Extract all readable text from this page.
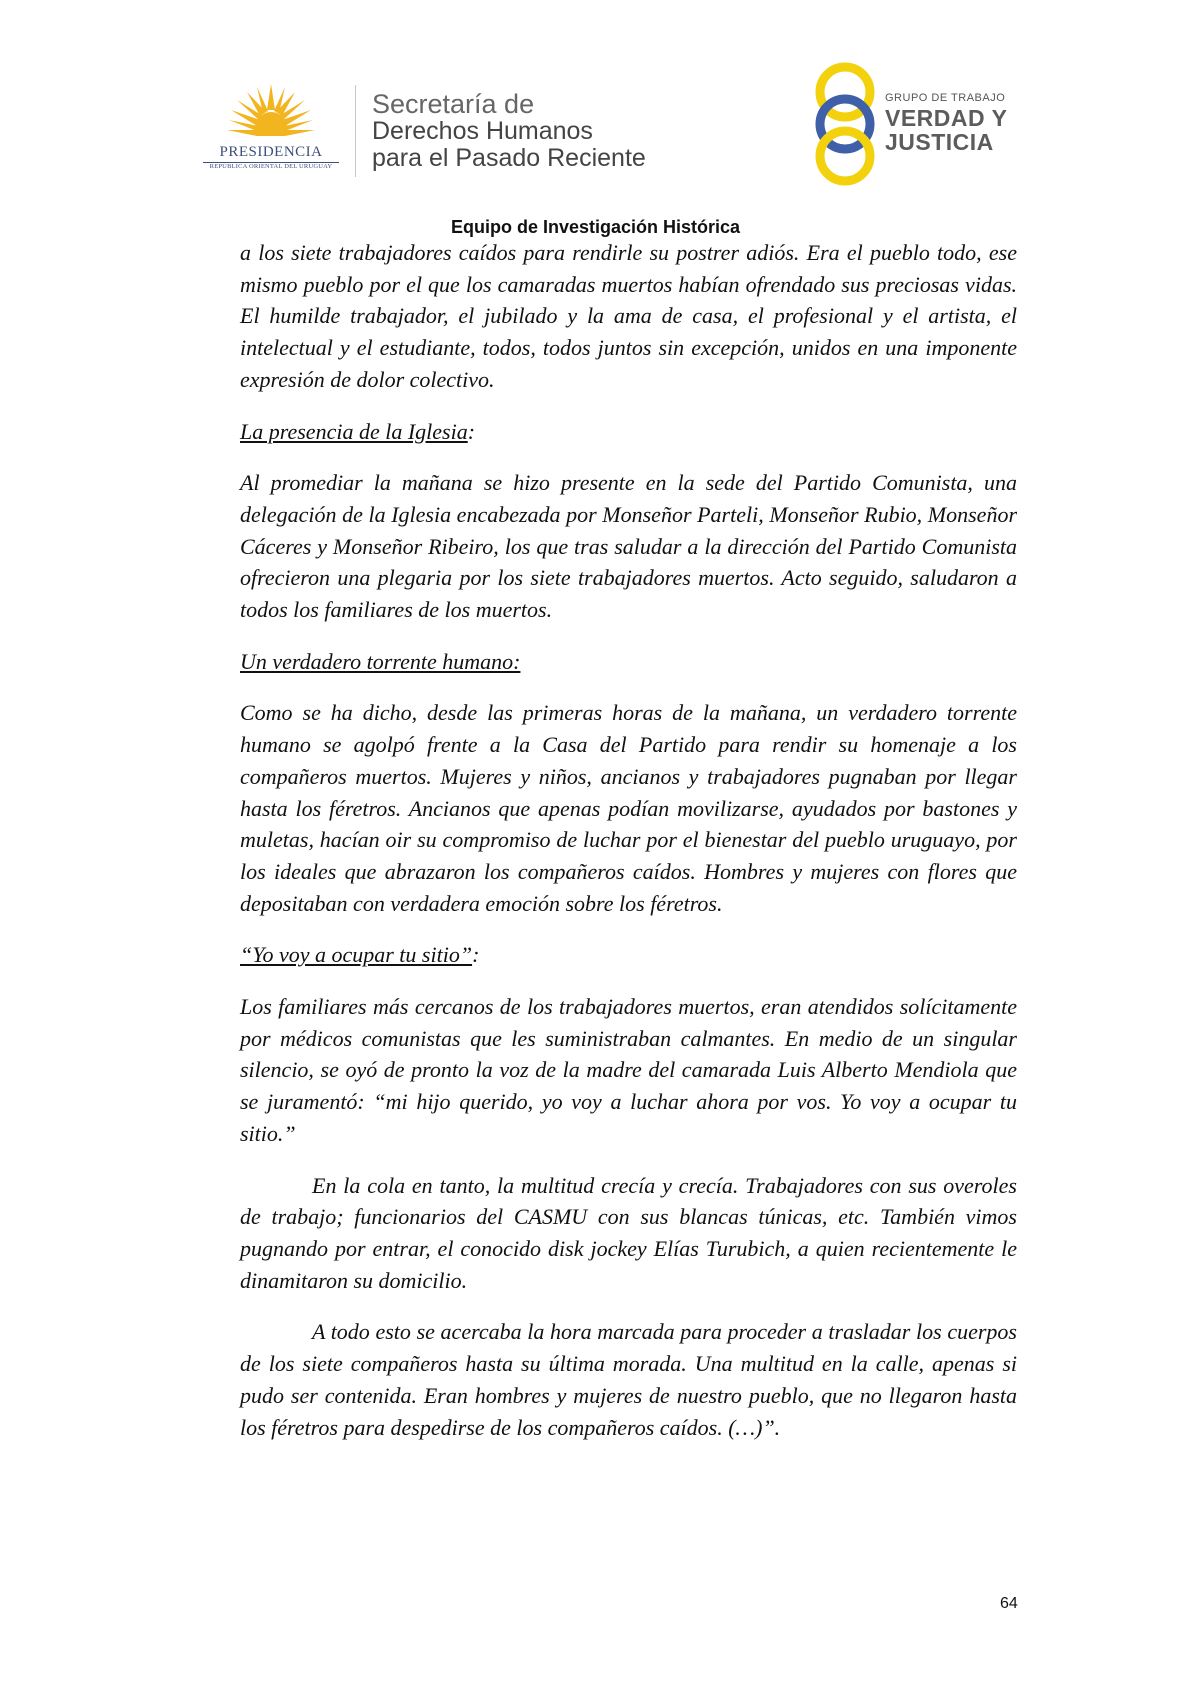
PRESIDENCIA
REPÚBLICA ORIENTAL DEL URUGUAY
Secretaría de
Derechos Humanos
para el Pasado Reciente
GRUPO DE TRABAJO
VERDAD Y
JUSTICIA
Equipo de Investigación Histórica

a los siete trabajadores caídos para rendirle su postrer adiós. Era el pueblo todo, ese mismo pueblo por el que los camaradas muertos habían ofrendado sus preciosas vidas. El humilde trabajador, el jubilado y la ama de casa, el profesional y el artista, el intelectual y el estudiante, todos, todos juntos sin excepción, unidos en una imponente expresión de dolor colectivo.

La presencia de la Iglesia:

Al promediar la mañana se hizo presente en la sede del Partido Comunista, una delegación de la Iglesia encabezada por Monseñor Parteli, Monseñor Rubio, Monseñor Cáceres y Monseñor Ribeiro, los que tras saludar a la dirección del Partido Comunista ofrecieron una plegaria por los siete trabajadores muertos. Acto seguido, saludaron a todos los familiares de los muertos.

Un verdadero torrente humano:

Como se ha dicho, desde las primeras horas de la mañana, un verdadero torrente humano se agolpó frente a la Casa del Partido para rendir su homenaje a los compañeros muertos. Mujeres y niños, ancianos y trabajadores pugnaban por llegar hasta los féretros. Ancianos que apenas podían movilizarse, ayudados por bastones y muletas, hacían oir su compromiso de luchar por el bienestar del pueblo uruguayo, por los ideales que abrazaron los compañeros caídos. Hombres y mujeres con flores que depositaban con verdadera emoción sobre los féretros.

“Yo voy a ocupar tu sitio”:

Los familiares más cercanos de los trabajadores muertos, eran atendidos solícitamente por médicos comunistas que les suministraban calmantes. En medio de un singular silencio, se oyó de pronto la voz de la madre del camarada Luis Alberto Mendiola que se juramentó: “mi hijo querido, yo voy a luchar ahora por vos. Yo voy a ocupar tu sitio.”

En la cola en tanto, la multitud crecía y crecía. Trabajadores con sus overoles de trabajo; funcionarios del CASMU con sus blancas túnicas, etc. También vimos pugnando por entrar, el conocido disk jockey Elías Turubich, a quien recientemente le dinamitaron su domicilio.

A todo esto se acercaba la hora marcada para proceder a trasladar los cuerpos de los siete compañeros hasta su última morada. Una multitud en la calle, apenas si pudo ser contenida. Eran hombres y mujeres de nuestro pueblo, que no llegaron hasta los féretros para despedirse de los compañeros caídos. (…)”.

64
